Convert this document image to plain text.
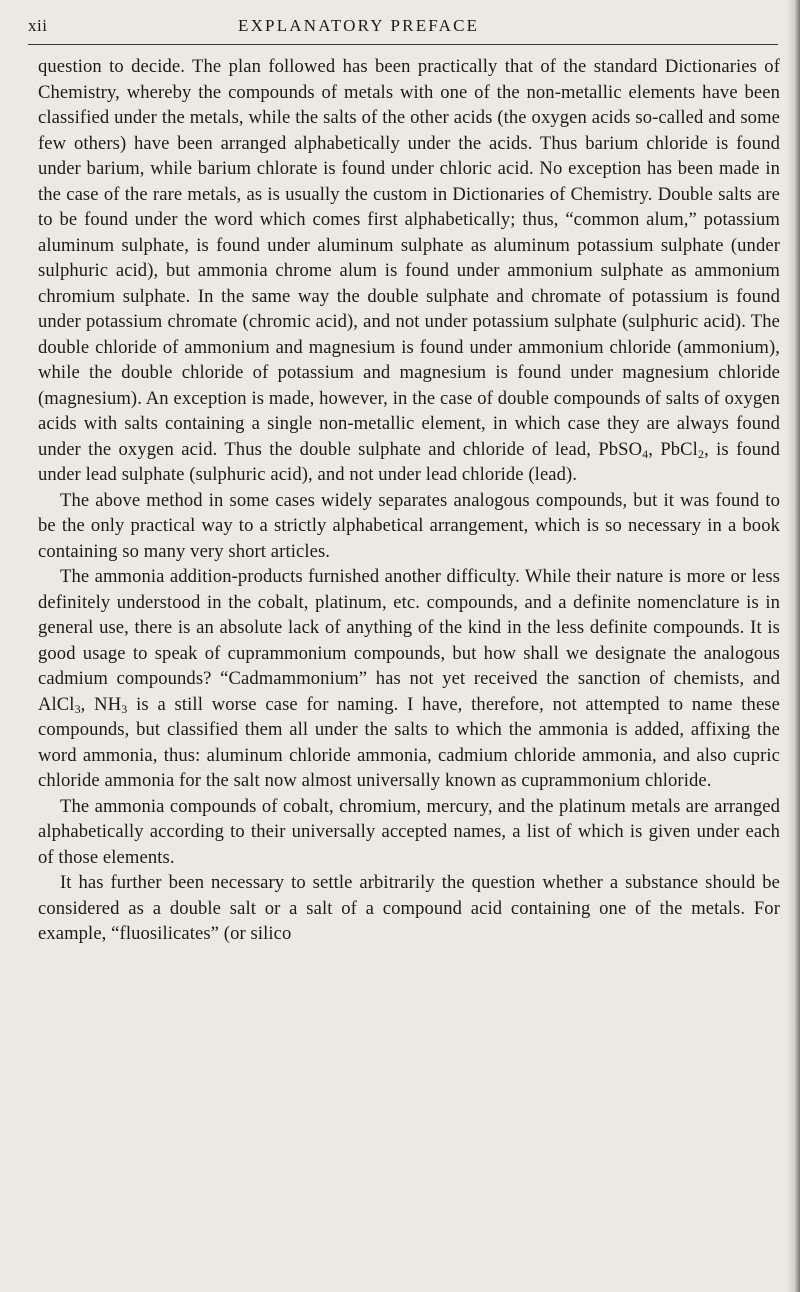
xii	EXPLANATORY PREFACE

question to decide. The plan followed has been practically that of the standard Dictionaries of Chemistry, whereby the compounds of metals with one of the non-metallic elements have been classified under the metals, while the salts of the other acids (the oxygen acids so-called and some few others) have been arranged alphabetically under the acids. Thus barium chloride is found under barium, while barium chlorate is found under chloric acid. No exception has been made in the case of the rare metals, as is usually the custom in Dictionaries of Chemistry. Double salts are to be found under the word which comes first alphabetically; thus, “common alum,” potassium aluminum sulphate, is found under aluminum sulphate as aluminum potassium sulphate (under sulphuric acid), but ammonia chrome alum is found under ammonium sulphate as ammonium chromium sulphate. In the same way the double sulphate and chromate of potassium is found under potassium chromate (chromic acid), and not under potassium sulphate (sulphuric acid). The double chloride of ammonium and magnesium is found under ammonium chloride (ammonium), while the double chloride of potassium and magnesium is found under magnesium chloride (magnesium). An exception is made, however, in the case of double compounds of salts of oxygen acids with salts containing a single non-metallic element, in which case they are always found under the oxygen acid. Thus the double sulphate and chloride of lead, PbSO$_4$, PbCl$_2$, is found under lead sulphate (sulphuric acid), and not under lead chloride (lead).

The above method in some cases widely separates analogous compounds, but it was found to be the only practical way to a strictly alphabetical arrangement, which is so necessary in a book containing so many very short articles.

The ammonia addition-products furnished another difficulty. While their nature is more or less definitely understood in the cobalt, platinum, etc. compounds, and a definite nomenclature is in general use, there is an absolute lack of anything of the kind in the less definite compounds. It is good usage to speak of cuprammonium compounds, but how shall we designate the analogous cadmium compounds? “Cadmammonium” has not yet received the sanction of chemists, and AlCl$_3$, $NH_3$ is a still worse case for naming. I have, therefore, not attempted to name these compounds, but classified them all under the salts to which the ammonia is added, affixing the word ammonia, thus: aluminum chloride ammonia, cadmium chloride ammonia, and also cupric chloride ammonia for the salt now almost universally known as cuprammonium chloride.

The ammonia compounds of cobalt, chromium, mercury, and the platinum metals are arranged alphabetically according to their universally accepted names, a list of which is given under each of those elements.

It has further been necessary to settle arbitrarily the question whether a substance should be considered as a double salt or a salt of a compound acid containing one of the metals. For example, “fluosilicates” (or silico
